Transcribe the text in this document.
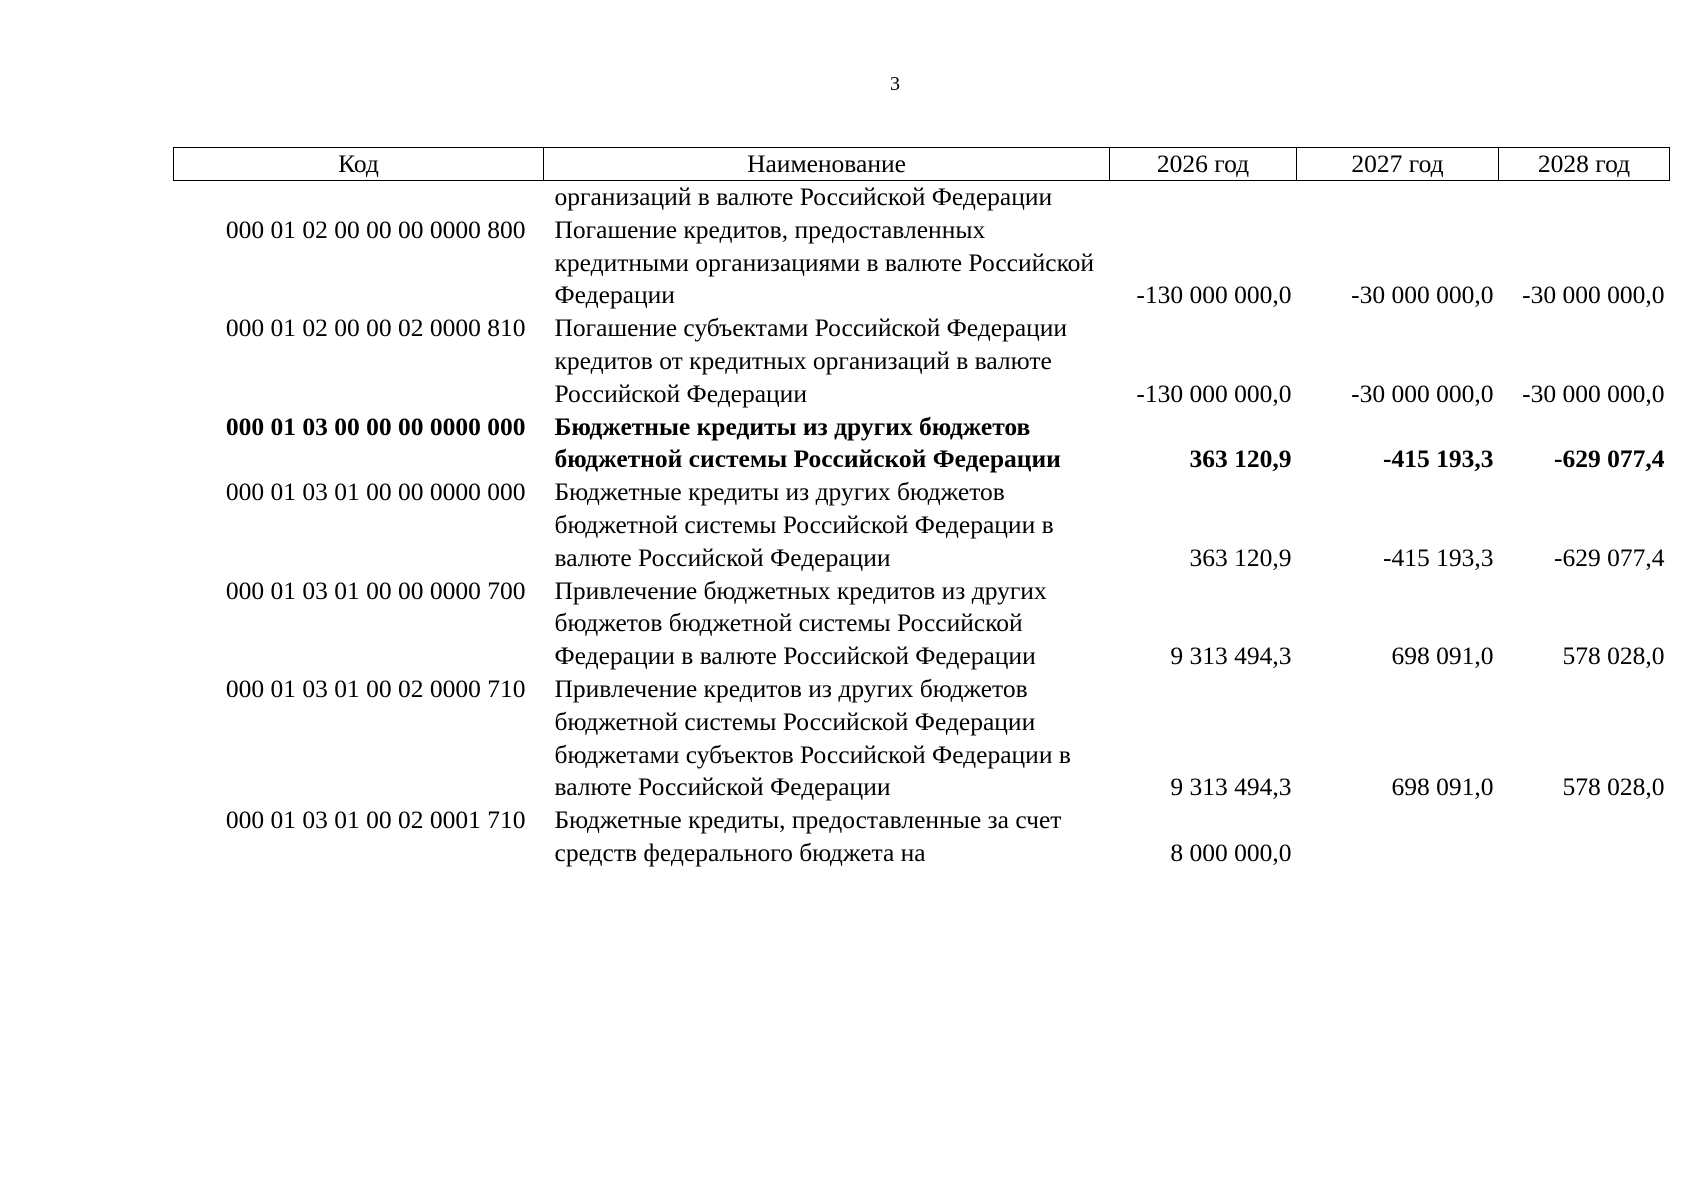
3
Код	Наименование	2026 год	2027 год	2028 год
	организаций в валюте Российской Федерации			
000 01 02 00 00 00 0000 800	Погашение кредитов, предоставленных кредитными организациями в валюте Российской Федерации	-130 000 000,0	-30 000 000,0	-30 000 000,0
000 01 02 00 00 02 0000 810	Погашение субъектами Российской Федерации кредитов от кредитных организаций в валюте Российской Федерации	-130 000 000,0	-30 000 000,0	-30 000 000,0
000 01 03 00 00 00 0000 000	Бюджетные кредиты из других бюджетов бюджетной системы Российской Федерации	363 120,9	-415 193,3	-629 077,4
000 01 03 01 00 00 0000 000	Бюджетные кредиты из других бюджетов бюджетной системы Российской Федерации в валюте Российской Федерации	363 120,9	-415 193,3	-629 077,4
000 01 03 01 00 00 0000 700	Привлечение бюджетных кредитов из других бюджетов бюджетной системы Российской Федерации в валюте Российской Федерации	9 313 494,3	698 091,0	578 028,0
000 01 03 01 00 02 0000 710	Привлечение кредитов из других бюджетов бюджетной системы Российской Федерации бюджетами субъектов Российской Федерации в валюте Российской Федерации	9 313 494,3	698 091,0	578 028,0
000 01 03 01 00 02 0001 710	Бюджетные кредиты, предоставленные за счет средств федерального бюджета на	8 000 000,0		
